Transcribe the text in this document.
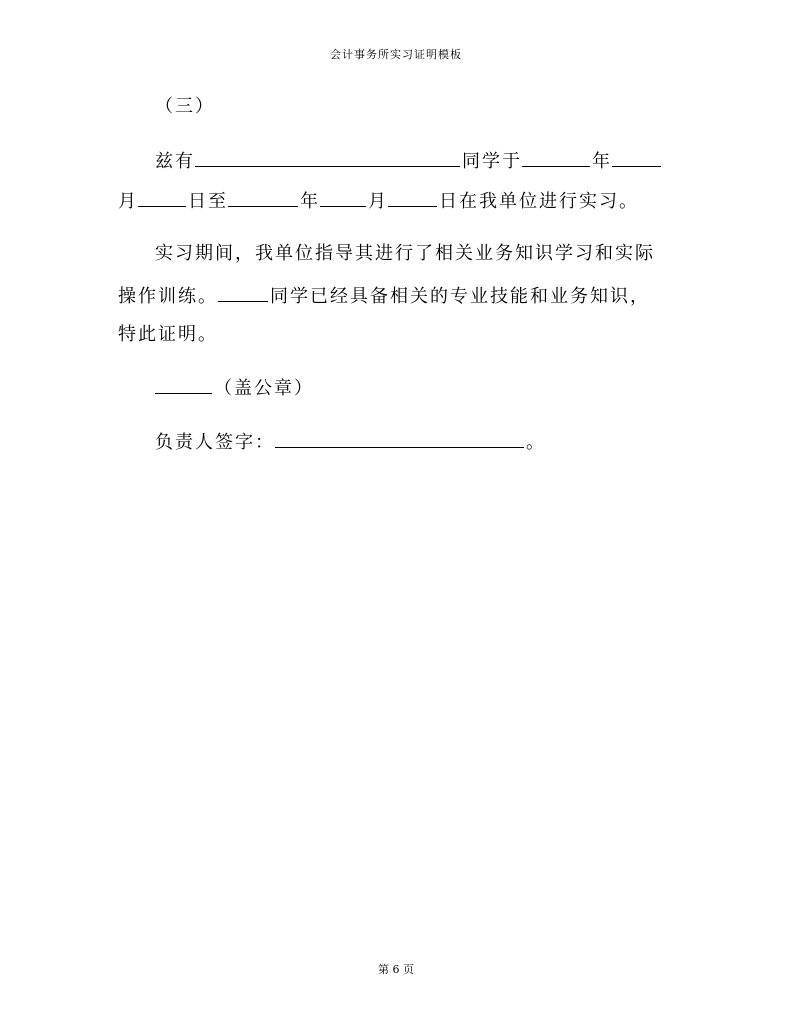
会计事务所实习证明模板
（三）
兹有	同学于	年
月	日至	年	月	日在我单位进行实习。
实习期间，我单位指导其进行了相关业务知识学习和实际
操作训练。	同学已经具备相关的专业技能和业务知识，
特此证明。
（盖公章）
负责人签字：	。
第 6 页
